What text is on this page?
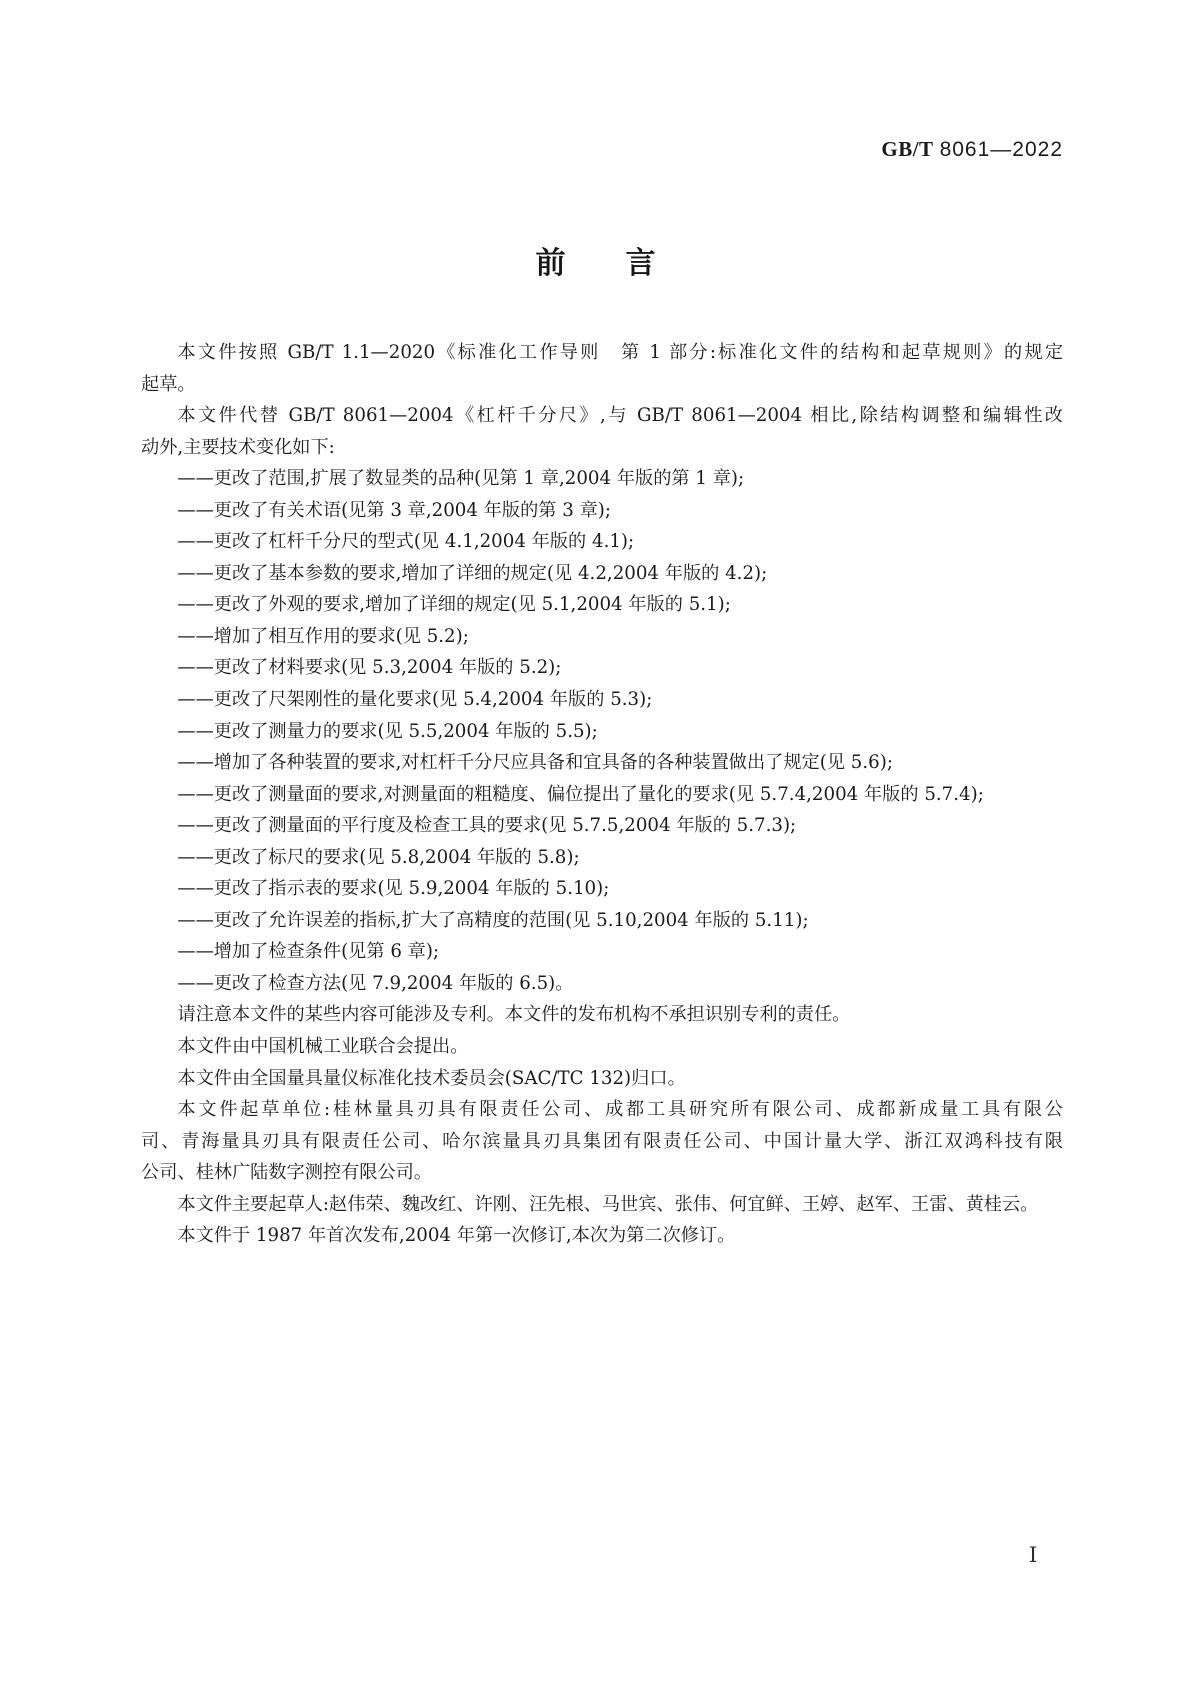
GB/T 8061—2022
前　　言
本文件按照 GB/T 1.1—2020《标准化工作导则　第 1 部分:标准化文件的结构和起草规则》的规定
起草。
本文件代替 GB/T 8061—2004《杠杆千分尺》,与 GB/T 8061—2004 相比,除结构调整和编辑性改
动外,主要技术变化如下:
——更改了范围,扩展了数显类的品种(见第 1 章,2004 年版的第 1 章);
——更改了有关术语(见第 3 章,2004 年版的第 3 章);
——更改了杠杆千分尺的型式(见 4.1,2004 年版的 4.1);
——更改了基本参数的要求,增加了详细的规定(见 4.2,2004 年版的 4.2);
——更改了外观的要求,增加了详细的规定(见 5.1,2004 年版的 5.1);
——增加了相互作用的要求(见 5.2);
——更改了材料要求(见 5.3,2004 年版的 5.2);
——更改了尺架刚性的量化要求(见 5.4,2004 年版的 5.3);
——更改了测量力的要求(见 5.5,2004 年版的 5.5);
——增加了各种装置的要求,对杠杆千分尺应具备和宜具备的各种装置做出了规定(见 5.6);
——更改了测量面的要求,对测量面的粗糙度、偏位提出了量化的要求(见 5.7.4,2004 年版的 5.7.4);
——更改了测量面的平行度及检查工具的要求(见 5.7.5,2004 年版的 5.7.3);
——更改了标尺的要求(见 5.8,2004 年版的 5.8);
——更改了指示表的要求(见 5.9,2004 年版的 5.10);
——更改了允许误差的指标,扩大了高精度的范围(见 5.10,2004 年版的 5.11);
——增加了检查条件(见第 6 章);
——更改了检查方法(见 7.9,2004 年版的 6.5)。
请注意本文件的某些内容可能涉及专利。本文件的发布机构不承担识别专利的责任。
本文件由中国机械工业联合会提出。
本文件由全国量具量仪标准化技术委员会(SAC/TC 132)归口。
本文件起草单位:桂林量具刃具有限责任公司、成都工具研究所有限公司、成都新成量工具有限公
司、青海量具刃具有限责任公司、哈尔滨量具刃具集团有限责任公司、中国计量大学、浙江双鸿科技有限
公司、桂林广陆数字测控有限公司。
本文件主要起草人:赵伟荣、魏改红、许刚、汪先根、马世宾、张伟、何宜鲜、王婷、赵军、王雷、黄桂云。
本文件于 1987 年首次发布,2004 年第一次修订,本次为第二次修订。
I
